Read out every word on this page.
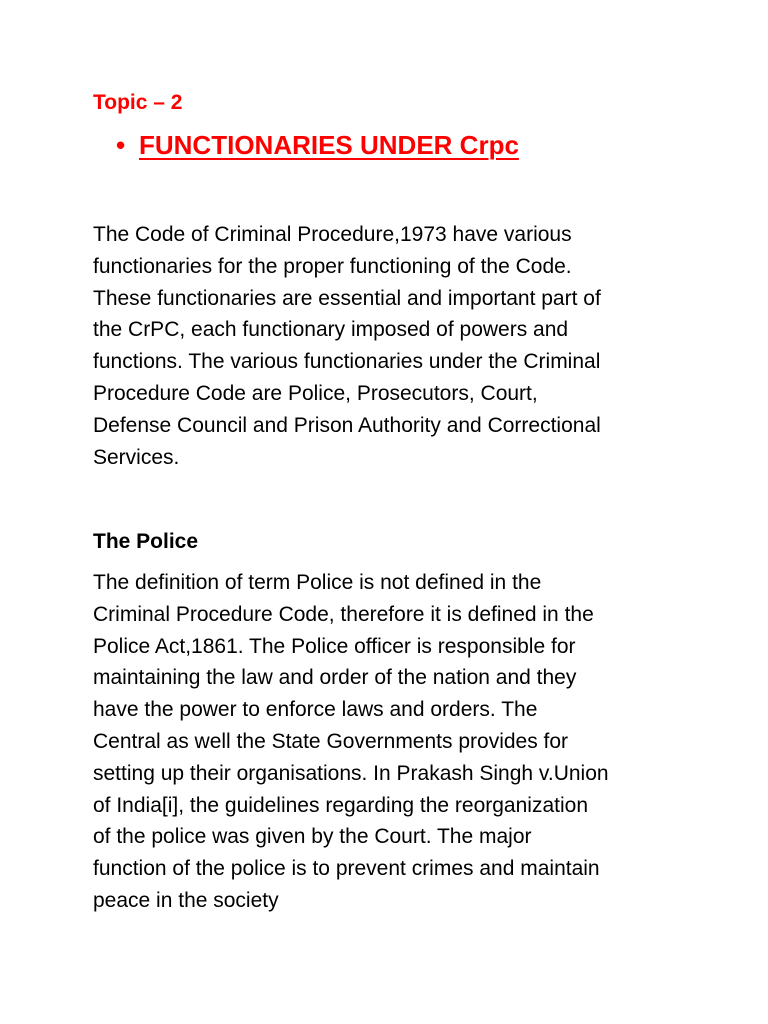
Topic – 2
• FUNCTIONARIES UNDER Crpc

The Code of Criminal Procedure,1973 have various
functionaries for the proper functioning of the Code.
These functionaries are essential and important part of
the CrPC, each functionary imposed of powers and
functions. The various functionaries under the Criminal
Procedure Code are Police, Prosecutors, Court,
Defense Council and Prison Authority and Correctional
Services.

The Police

The definition of term Police is not defined in the
Criminal Procedure Code, therefore it is defined in the
Police Act,1861. The Police officer is responsible for
maintaining the law and order of the nation and they
have the power to enforce laws and orders. The
Central as well the State Governments provides for
setting up their organisations. In Prakash Singh v.Union
of India[i], the guidelines regarding the reorganization
of the police was given by the Court. The major
function of the police is to prevent crimes and maintain
peace in the society
